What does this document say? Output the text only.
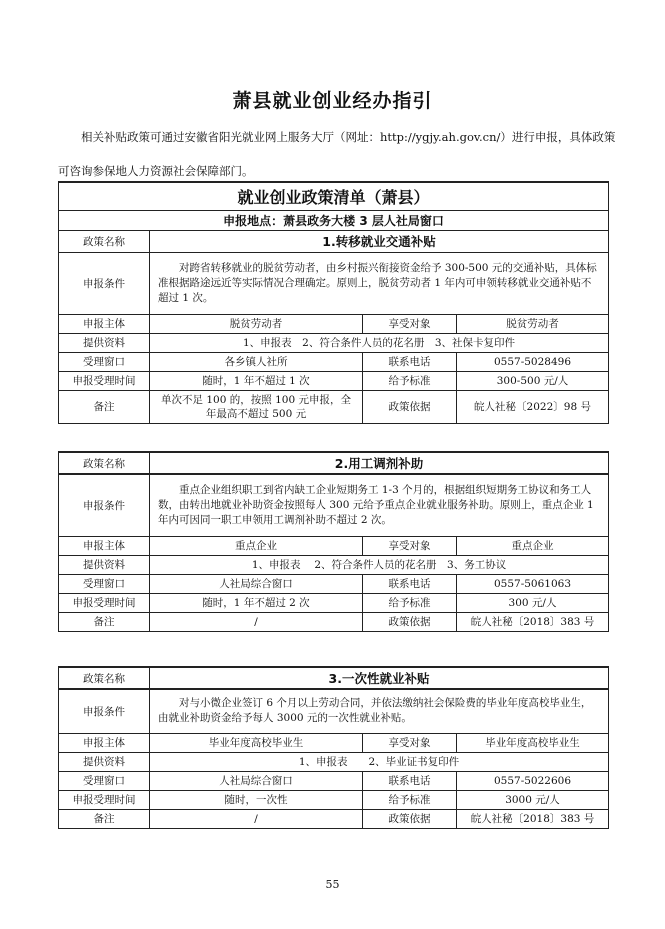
萧县就业创业经办指引
相关补贴政策可通过安徽省阳光就业网上服务大厅（网址：http://ygjy.ah.gov.cn/）进行申报，具体政策可咨询参保地人力资源社会保障部门。
就业创业政策清单（萧县）			
申报地点：萧县政务大楼 3 层人社局窗口			
政策名称	1.转移就业交通补贴		
申报条件	对跨省转移就业的脱贫劳动者，由乡村振兴衔接资金给予 300-500 元的交通补贴，具体标准根据路途远近等实际情况合理确定。原则上，脱贫劳动者 1 年内可申领转移就业交通补贴不超过 1 次。		
申报主体	脱贫劳动者	享受对象	脱贫劳动者
提供资料	1、申报表　2、符合条件人员的花名册　3、社保卡复印件		
受理窗口	各乡镇人社所	联系电话	0557-5028496
申报受理时间	随时，1 年不超过 1 次	给予标准	300-500 元/人
备注	单次不足 100 的，按照 100 元申报，全年最高不超过 500 元	政策依据	皖人社秘〔2022〕98 号
政策名称	2.用工调剂补助		
申报条件	重点企业组织职工到省内缺工企业短期务工 1-3 个月的，根据组织短期务工协议和务工人数，由转出地就业补助资金按照每人 300 元给予重点企业就业服务补助。原则上，重点企业 1 年内可因同一职工申领用工调剂补助不超过 2 次。		
申报主体	重点企业	享受对象	重点企业
提供资料	1、申报表　 2、符合条件人员的花名册　3、务工协议		
受理窗口	人社局综合窗口	联系电话	0557-5061063
申报受理时间	随时，1 年不超过 2 次	给予标准	300 元/人
备注	/	政策依据	皖人社秘〔2018〕383 号
政策名称	3.一次性就业补贴		
申报条件	对与小微企业签订 6 个月以上劳动合同，并依法缴纳社会保险费的毕业年度高校毕业生，由就业补助资金给予每人 3000 元的一次性就业补贴。		
申报主体	毕业年度高校毕业生	享受对象	毕业年度高校毕业生
提供资料	1、申报表　　2、毕业证书复印件		
受理窗口	人社局综合窗口	联系电话	0557-5022606
申报受理时间	随时，一次性	给予标准	3000 元/人
备注	/	政策依据	皖人社秘〔2018〕383 号
55
